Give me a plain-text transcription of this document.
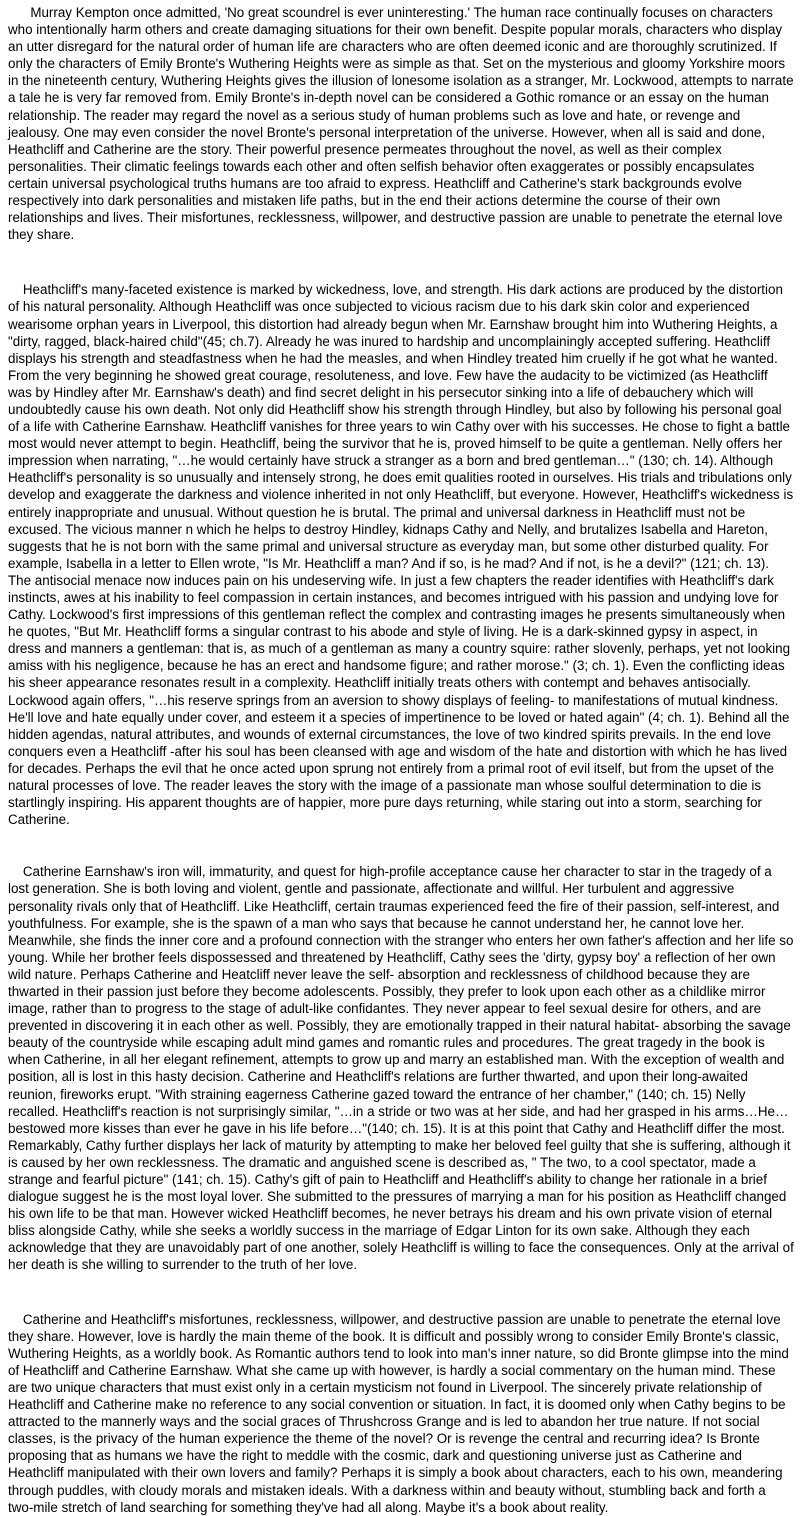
Murray Kempton once admitted, 'No great scoundrel is ever uninteresting.' The human race continually focuses on characters who intentionally harm others and create damaging situations for their own benefit. Despite popular morals, characters who display an utter disregard for the natural order of human life are characters who are often deemed iconic and are thoroughly scrutinized. If only the characters of Emily Bronte's Wuthering Heights were as simple as that. Set on the mysterious and gloomy Yorkshire moors in the nineteenth century, Wuthering Heights gives the illusion of lonesome isolation as a stranger, Mr. Lockwood, attempts to narrate a tale he is very far removed from. Emily Bronte's in-depth novel can be considered a Gothic romance or an essay on the human relationship. The reader may regard the novel as a serious study of human problems such as love and hate, or revenge and jealousy. One may even consider the novel Bronte's personal interpretation of the universe. However, when all is said and done, Heathcliff and Catherine are the story. Their powerful presence permeates throughout the novel, as well as their complex personalities. Their climatic feelings towards each other and often selfish behavior often exaggerates or possibly encapsulates certain universal psychological truths humans are too afraid to express. Heathcliff and Catherine's stark backgrounds evolve respectively into dark personalities and mistaken life paths, but in the end their actions determine the course of their own relationships and lives. Their misfortunes, recklessness, willpower, and destructive passion are unable to penetrate the eternal love they share.

Heathcliff's many-faceted existence is marked by wickedness, love, and strength. His dark actions are produced by the distortion of his natural personality. Although Heathcliff was once subjected to vicious racism due to his dark skin color and experienced wearisome orphan years in Liverpool, this distortion had already begun when Mr. Earnshaw brought him into Wuthering Heights, a "dirty, ragged, black-haired child"(45; ch.7). Already he was inured to hardship and uncomplainingly accepted suffering. Heathcliff displays his strength and steadfastness when he had the measles, and when Hindley treated him cruelly if he got what he wanted. From the very beginning he showed great courage, resoluteness, and love. Few have the audacity to be victimized (as Heathcliff was by Hindley after Mr. Earnshaw's death) and find secret delight in his persecutor sinking into a life of debauchery which will undoubtedly cause his own death. Not only did Heathcliff show his strength through Hindley, but also by following his personal goal of a life with Catherine Earnshaw. Heathcliff vanishes for three years to win Cathy over with his successes. He chose to fight a battle most would never attempt to begin. Heathcliff, being the survivor that he is, proved himself to be quite a gentleman. Nelly offers her impression when narrating, "…he would certainly have struck a stranger as a born and bred gentleman…" (130; ch. 14). Although Heathcliff's personality is so unusually and intensely strong, he does emit qualities rooted in ourselves. His trials and tribulations only develop and exaggerate the darkness and violence inherited in not only Heathcliff, but everyone. However, Heathcliff's wickedness is entirely inappropriate and unusual. Without question he is brutal. The primal and universal darkness in Heathcliff must not be excused. The vicious manner n which he helps to destroy Hindley, kidnaps Cathy and Nelly, and brutalizes Isabella and Hareton, suggests that he is not born with the same primal and universal structure as everyday man, but some other disturbed quality. For example, Isabella in a letter to Ellen wrote, "Is Mr. Heathcliff a man? And if so, is he mad? And if not, is he a devil?" (121; ch. 13). The antisocial menace now induces pain on his undeserving wife. In just a few chapters the reader identifies with Heathcliff's dark instincts, awes at his inability to feel compassion in certain instances, and becomes intrigued with his passion and undying love for Cathy. Lockwood's first impressions of this gentleman reflect the complex and contrasting images he presents simultaneously when he quotes, "But Mr. Heathcliff forms a singular contrast to his abode and style of living. He is a dark-skinned gypsy in aspect, in dress and manners a gentleman: that is, as much of a gentleman as many a country squire: rather slovenly, perhaps, yet not looking amiss with his negligence, because he has an erect and handsome figure; and rather morose." (3; ch. 1). Even the conflicting ideas his sheer appearance resonates result in a complexity. Heathcliff initially treats others with contempt and behaves antisocially. Lockwood again offers, "…his reserve springs from an aversion to showy displays of feeling- to manifestations of mutual kindness. He'll love and hate equally under cover, and esteem it a species of impertinence to be loved or hated again" (4; ch. 1). Behind all the hidden agendas, natural attributes, and wounds of external circumstances, the love of two kindred spirits prevails. In the end love conquers even a Heathcliff -after his soul has been cleansed with age and wisdom of the hate and distortion with which he has lived for decades. Perhaps the evil that he once acted upon sprung not entirely from a primal root of evil itself, but from the upset of the natural processes of love. The reader leaves the story with the image of a passionate man whose soulful determination to die is startlingly inspiring. His apparent thoughts are of happier, more pure days returning, while staring out into a storm, searching for Catherine.

Catherine Earnshaw's iron will, immaturity, and quest for high-profile acceptance cause her character to star in the tragedy of a lost generation. She is both loving and violent, gentle and passionate, affectionate and willful. Her turbulent and aggressive personality rivals only that of Heathcliff. Like Heathcliff, certain traumas experienced feed the fire of their passion, self-interest, and youthfulness. For example, she is the spawn of a man who says that because he cannot understand her, he cannot love her. Meanwhile, she finds the inner core and a profound connection with the stranger who enters her own father's affection and her life so young. While her brother feels dispossessed and threatened by Heathcliff, Cathy sees the 'dirty, gypsy boy' a reflection of her own wild nature. Perhaps Catherine and Heatcliff never leave the self- absorption and recklessness of childhood because they are thwarted in their passion just before they become adolescents. Possibly, they prefer to look upon each other as a childlike mirror image, rather than to progress to the stage of adult-like confidantes. They never appear to feel sexual desire for others, and are prevented in discovering it in each other as well. Possibly, they are emotionally trapped in their natural habitat- absorbing the savage beauty of the countryside while escaping adult mind games and romantic rules and procedures. The great tragedy in the book is when Catherine, in all her elegant refinement, attempts to grow up and marry an established man. With the exception of wealth and position, all is lost in this hasty decision. Catherine and Heathcliff's relations are further thwarted, and upon their long-awaited reunion, fireworks erupt. "With straining eagerness Catherine gazed toward the entrance of her chamber," (140; ch. 15) Nelly recalled. Heathcliff's reaction is not surprisingly similar, "…in a stride or two was at her side, and had her grasped in his arms…He…bestowed more kisses than ever he gave in his life before…"(140; ch. 15). It is at this point that Cathy and Heathcliff differ the most. Remarkably, Cathy further displays her lack of maturity by attempting to make her beloved feel guilty that she is suffering, although it is caused by her own recklessness. The dramatic and anguished scene is described as, " The two, to a cool spectator, made a strange and fearful picture" (141; ch. 15). Cathy's gift of pain to Heathcliff and Heathcliff's ability to change her rationale in a brief dialogue suggest he is the most loyal lover. She submitted to the pressures of marrying a man for his position as Heathcliff changed his own life to be that man. However wicked Heathcliff becomes, he never betrays his dream and his own private vision of eternal bliss alongside Cathy, while she seeks a worldly success in the marriage of Edgar Linton for its own sake. Although they each acknowledge that they are unavoidably part of one another, solely Heathcliff is willing to face the consequences. Only at the arrival of her death is she willing to surrender to the truth of her love.

Catherine and Heathcliff's misfortunes, recklessness, willpower, and destructive passion are unable to penetrate the eternal love they share. However, love is hardly the main theme of the book. It is difficult and possibly wrong to consider Emily Bronte's classic, Wuthering Heights, as a worldly book. As Romantic authors tend to look into man's inner nature, so did Bronte glimpse into the mind of Heathcliff and Catherine Earnshaw. What she came up with however, is hardly a social commentary on the human mind. These are two unique characters that must exist only in a certain mysticism not found in Liverpool. The sincerely private relationship of Heathcliff and Catherine make no reference to any social convention or situation. In fact, it is doomed only when Cathy begins to be attracted to the mannerly ways and the social graces of Thrushcross Grange and is led to abandon her true nature. If not social classes, is the privacy of the human experience the theme of the novel? Or is revenge the central and recurring idea? Is Bronte proposing that as humans we have the right to meddle with the cosmic, dark and questioning universe just as Catherine and Heathcliff manipulated with their own lovers and family? Perhaps it is simply a book about characters, each to his own, meandering through puddles, with cloudy morals and mistaken ideals. With a darkness within and beauty without, stumbling back and forth a two-mile stretch of land searching for something they've had all along. Maybe it's a book about reality.
